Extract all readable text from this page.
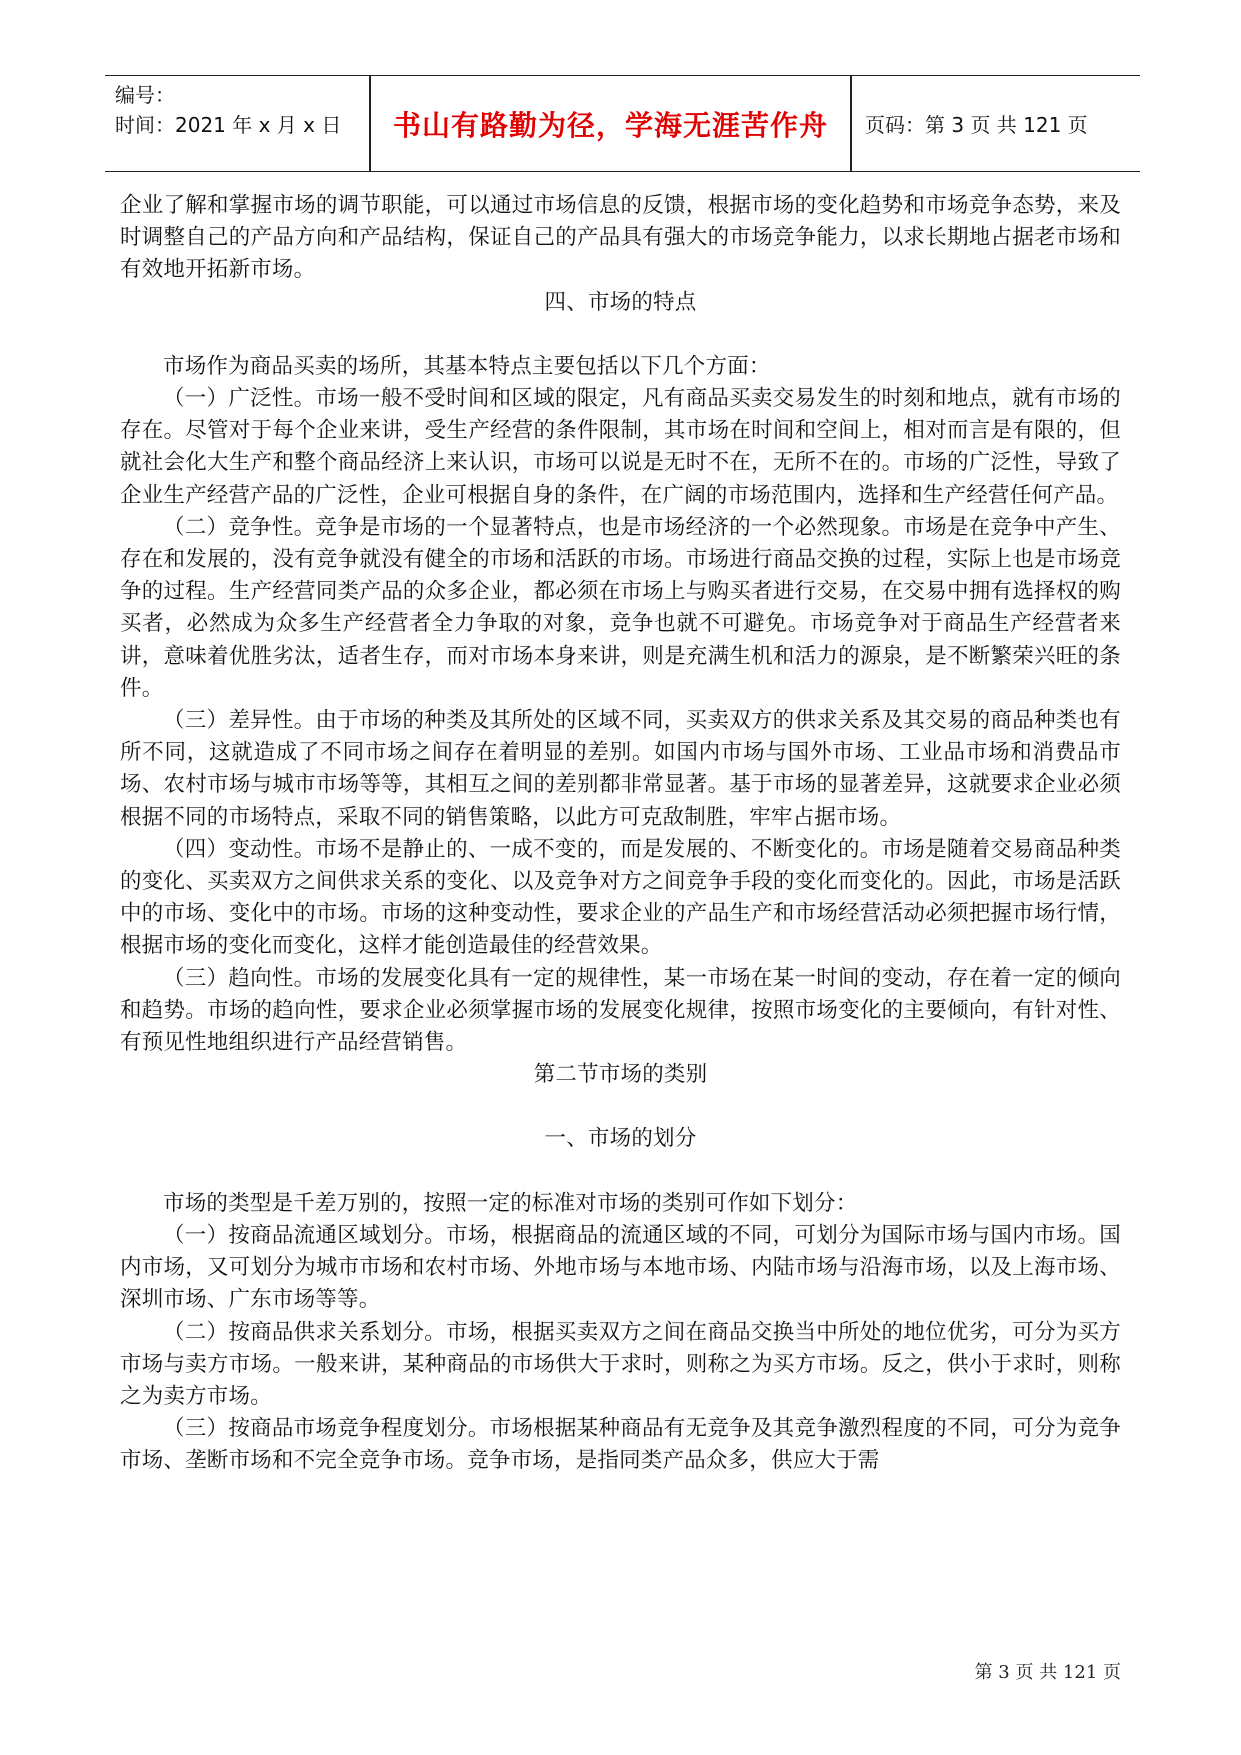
编号：
时间：2021 年 x 月 x 日	书山有路勤为径，学海无涯苦作舟	页码：第 3 页 共 121 页

企业了解和掌握市场的调节职能，可以通过市场信息的反馈，根据市场的变化趋势和市场竞争态势，来及时调整自己的产品方向和产品结构，保证自己的产品具有强大的市场竞争能力，以求长期地占据老市场和有效地开拓新市场。

四、市场的特点

市场作为商品买卖的场所，其基本特点主要包括以下几个方面：

（一）广泛性。市场一般不受时间和区域的限定，凡有商品买卖交易发生的时刻和地点，就有市场的存在。尽管对于每个企业来讲，受生产经营的条件限制，其市场在时间和空间上，相对而言是有限的，但就社会化大生产和整个商品经济上来认识，市场可以说是无时不在，无所不在的。市场的广泛性，导致了企业生产经营产品的广泛性，企业可根据自身的条件，在广阔的市场范围内，选择和生产经营任何产品。

（二）竞争性。竞争是市场的一个显著特点，也是市场经济的一个必然现象。市场是在竞争中产生、存在和发展的，没有竞争就没有健全的市场和活跃的市场。市场进行商品交换的过程，实际上也是市场竞争的过程。生产经营同类产品的众多企业，都必须在市场上与购买者进行交易，在交易中拥有选择权的购买者，必然成为众多生产经营者全力争取的对象，竞争也就不可避免。市场竞争对于商品生产经营者来讲，意味着优胜劣汰，适者生存，而对市场本身来讲，则是充满生机和活力的源泉，是不断繁荣兴旺的条件。

（三）差异性。由于市场的种类及其所处的区域不同，买卖双方的供求关系及其交易的商品种类也有所不同，这就造成了不同市场之间存在着明显的差别。如国内市场与国外市场、工业品市场和消费品市场、农村市场与城市市场等等，其相互之间的差别都非常显著。基于市场的显著差异，这就要求企业必须根据不同的市场特点，采取不同的销售策略，以此方可克敌制胜，牢牢占据市场。

（四）变动性。市场不是静止的、一成不变的，而是发展的、不断变化的。市场是随着交易商品种类的变化、买卖双方之间供求关系的变化、以及竞争对方之间竞争手段的变化而变化的。因此，市场是活跃中的市场、变化中的市场。市场的这种变动性，要求企业的产品生产和市场经营活动必须把握市场行情，根据市场的变化而变化，这样才能创造最佳的经营效果。

（三）趋向性。市场的发展变化具有一定的规律性，某一市场在某一时间的变动，存在着一定的倾向和趋势。市场的趋向性，要求企业必须掌握市场的发展变化规律，按照市场变化的主要倾向，有针对性、有预见性地组织进行产品经营销售。

第二节市场的类别

一、市场的划分

市场的类型是千差万别的，按照一定的标准对市场的类别可作如下划分：

（一）按商品流通区域划分。市场，根据商品的流通区域的不同，可划分为国际市场与国内市场。国内市场，又可划分为城市市场和农村市场、外地市场与本地市场、内陆市场与沿海市场，以及上海市场、深圳市场、广东市场等等。

（二）按商品供求关系划分。市场，根据买卖双方之间在商品交换当中所处的地位优劣，可分为买方市场与卖方市场。一般来讲，某种商品的市场供大于求时，则称之为买方市场。反之，供小于求时，则称之为卖方市场。

（三）按商品市场竞争程度划分。市场根据某种商品有无竞争及其竞争激烈程度的不同，可分为竞争市场、垄断市场和不完全竞争市场。竞争市场，是指同类产品众多，供应大于需

第 3 页 共 121 页
